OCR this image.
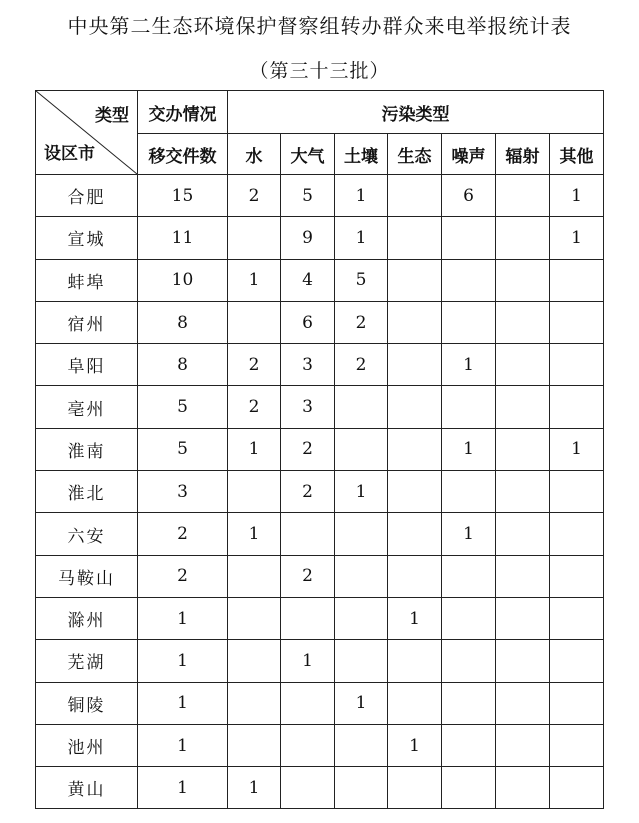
中央第二生态环境保护督察组转办群众来电举报统计表
（第三十三批）
类型
设区市	交办情况	污染类型						
	移交件数	水	大气	土壤	生态	噪声	辐射	其他
合肥	15	2	5	1		6		1
宣城	11		9	1				1
蚌埠	10	1	4	5				
宿州	8		6	2				
阜阳	8	2	3	2		1		
亳州	5	2	3					
淮南	5	1	2			1		1
淮北	3		2	1				
六安	2	1				1		
马鞍山	2		2					
滁州	1				1			
芜湖	1		1					
铜陵	1			1				
池州	1				1			
黄山	1	1						
